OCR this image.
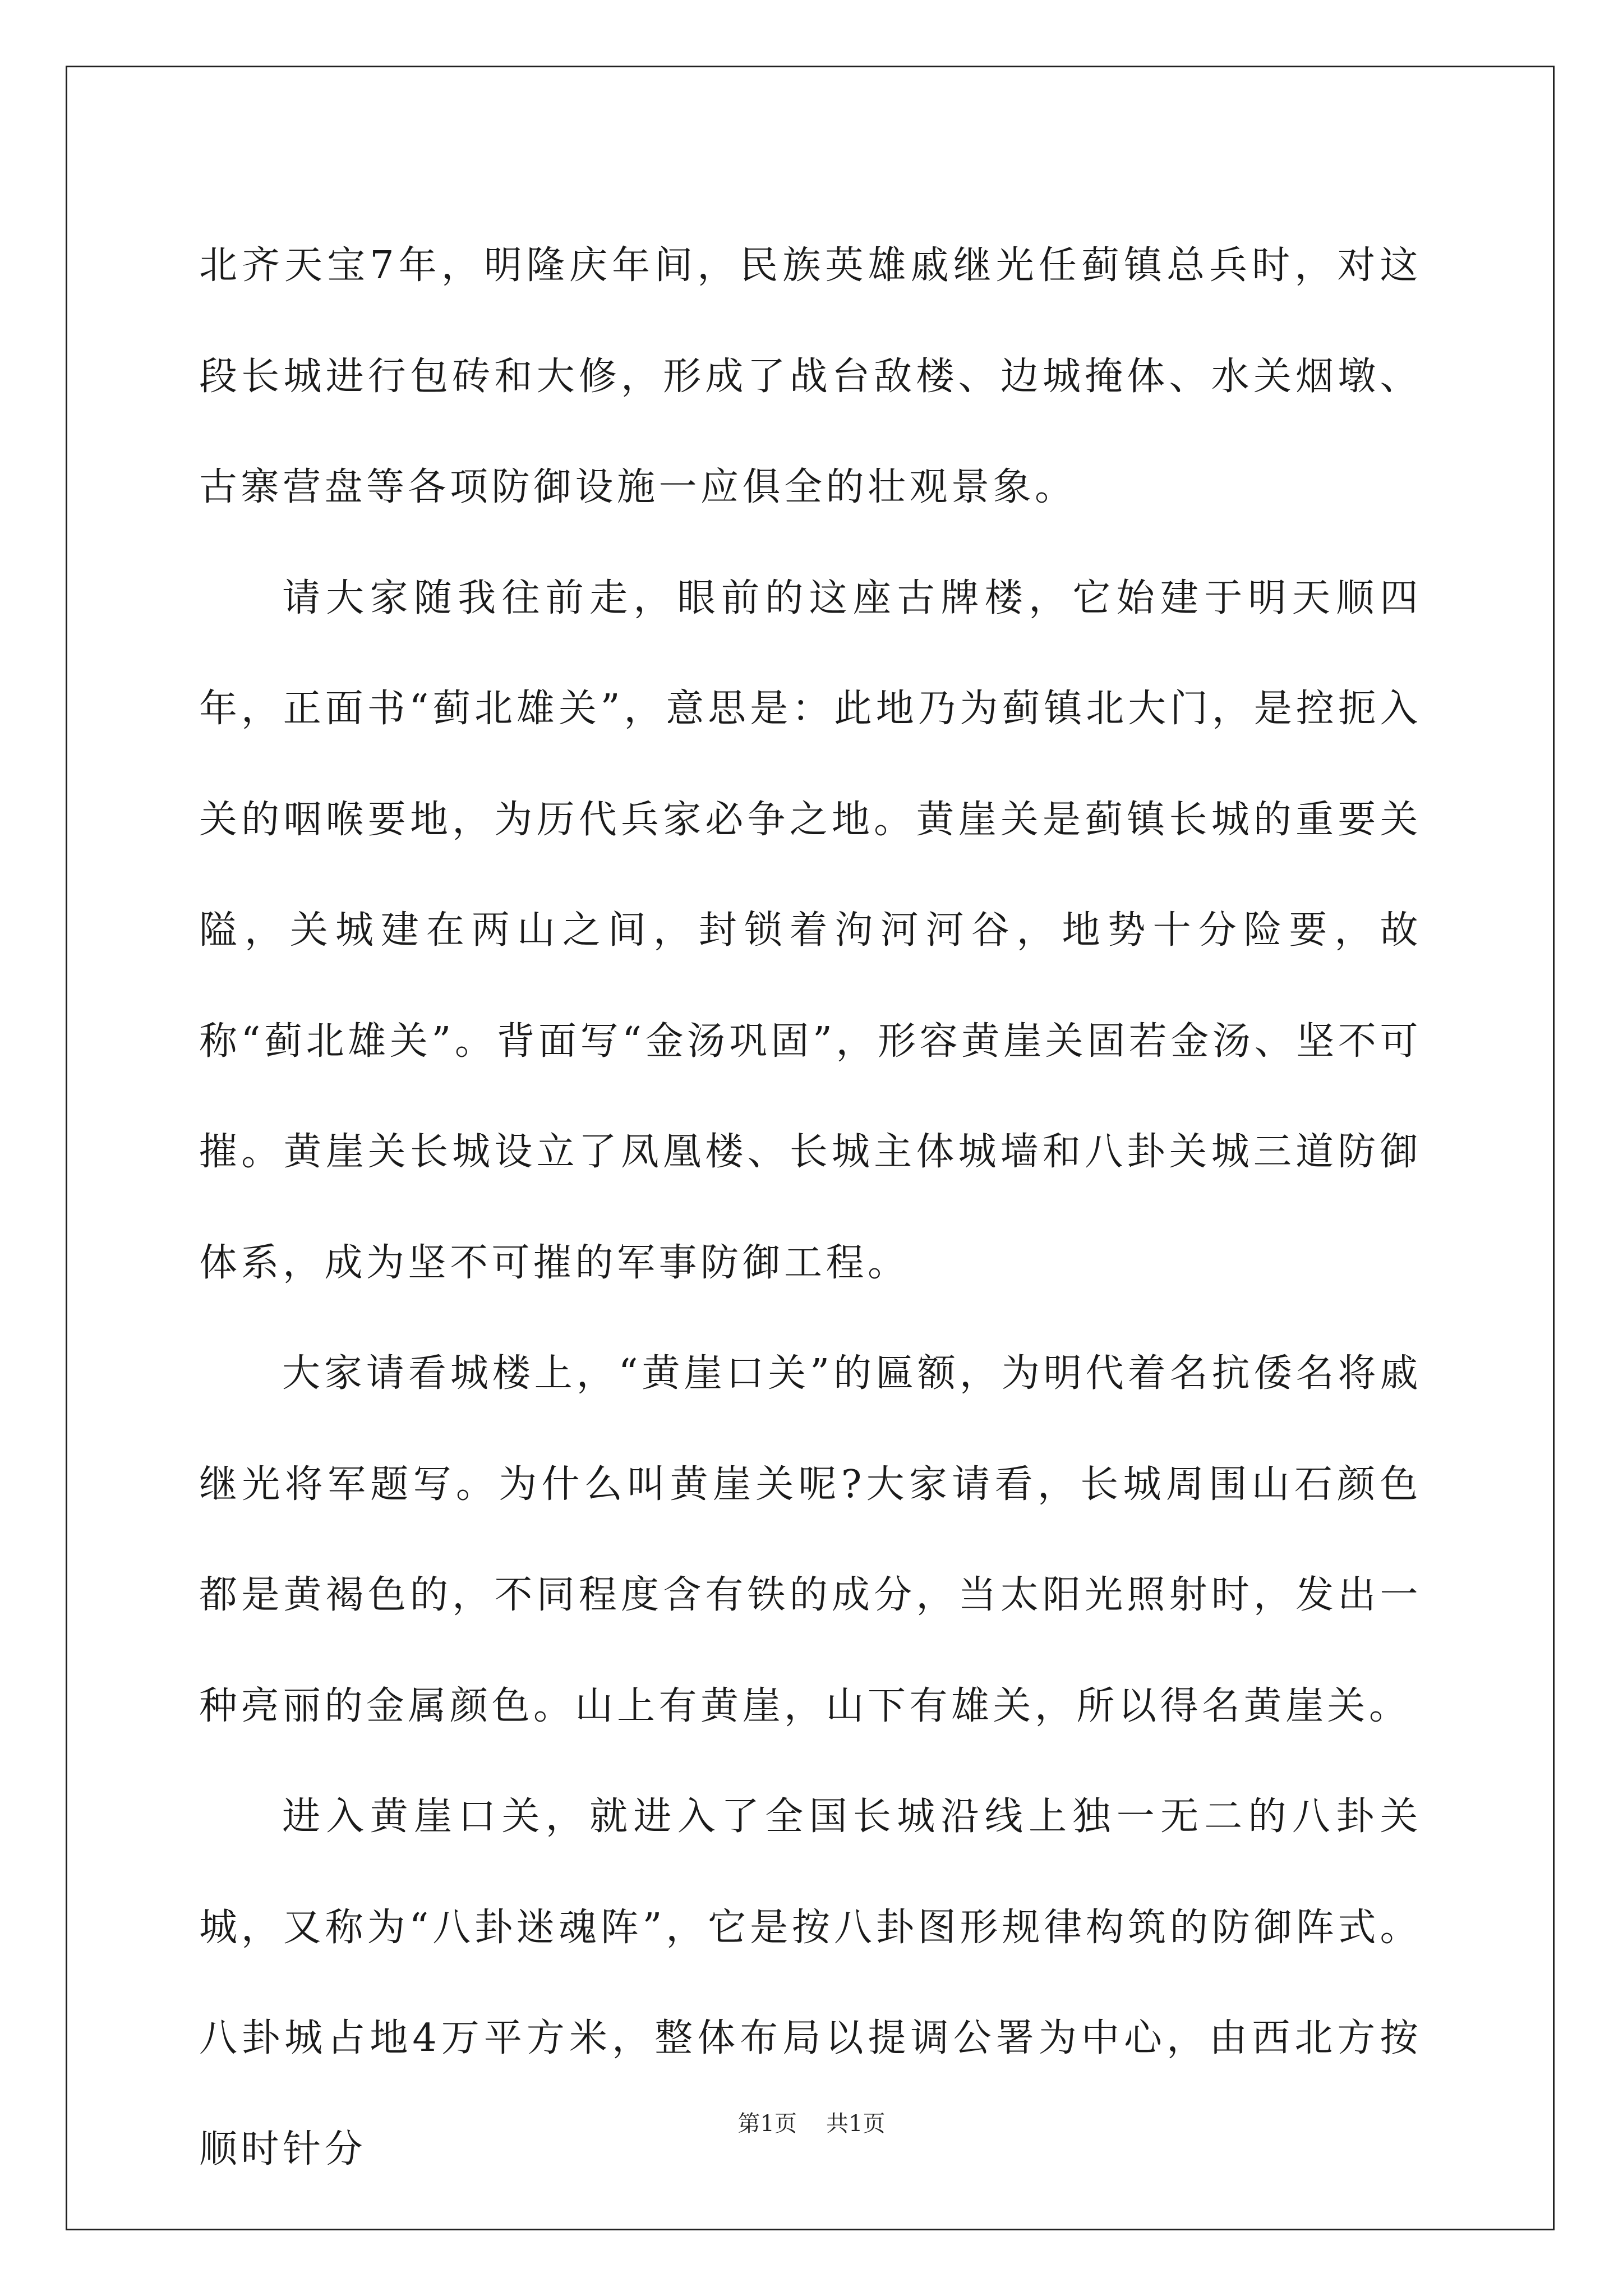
北齐天宝7年，明隆庆年间，民族英雄戚继光任蓟镇总兵时，对这段长城进行包砖和大修，形成了战台敌楼、边城掩体、水关烟墩、古寨营盘等各项防御设施一应俱全的壮观景象。

请大家随我往前走，眼前的这座古牌楼，它始建于明天顺四年，正面书“蓟北雄关”，意思是：此地乃为蓟镇北大门，是控扼入关的咽喉要地，为历代兵家必争之地。黄崖关是蓟镇长城的重要关隘，关城建在两山之间，封锁着泃河河谷，地势十分险要，故称“蓟北雄关”。背面写“金汤巩固”，形容黄崖关固若金汤、坚不可摧。黄崖关长城设立了凤凰楼、长城主体城墙和八卦关城三道防御体系，成为坚不可摧的军事防御工程。

大家请看城楼上，“黄崖口关”的匾额，为明代着名抗倭名将戚继光将军题写。为什么叫黄崖关呢?大家请看，长城周围山石颜色都是黄褐色的，不同程度含有铁的成分，当太阳光照射时，发出一种亮丽的金属颜色。山上有黄崖，山下有雄关，所以得名黄崖关。

进入黄崖口关，就进入了全国长城沿线上独一无二的八卦关城，又称为“八卦迷魂阵”，它是按八卦图形规律构筑的防御阵式。八卦城占地4万平方米，整体布局以提调公署为中心，由西北方按顺时针分

第1页 共1页
